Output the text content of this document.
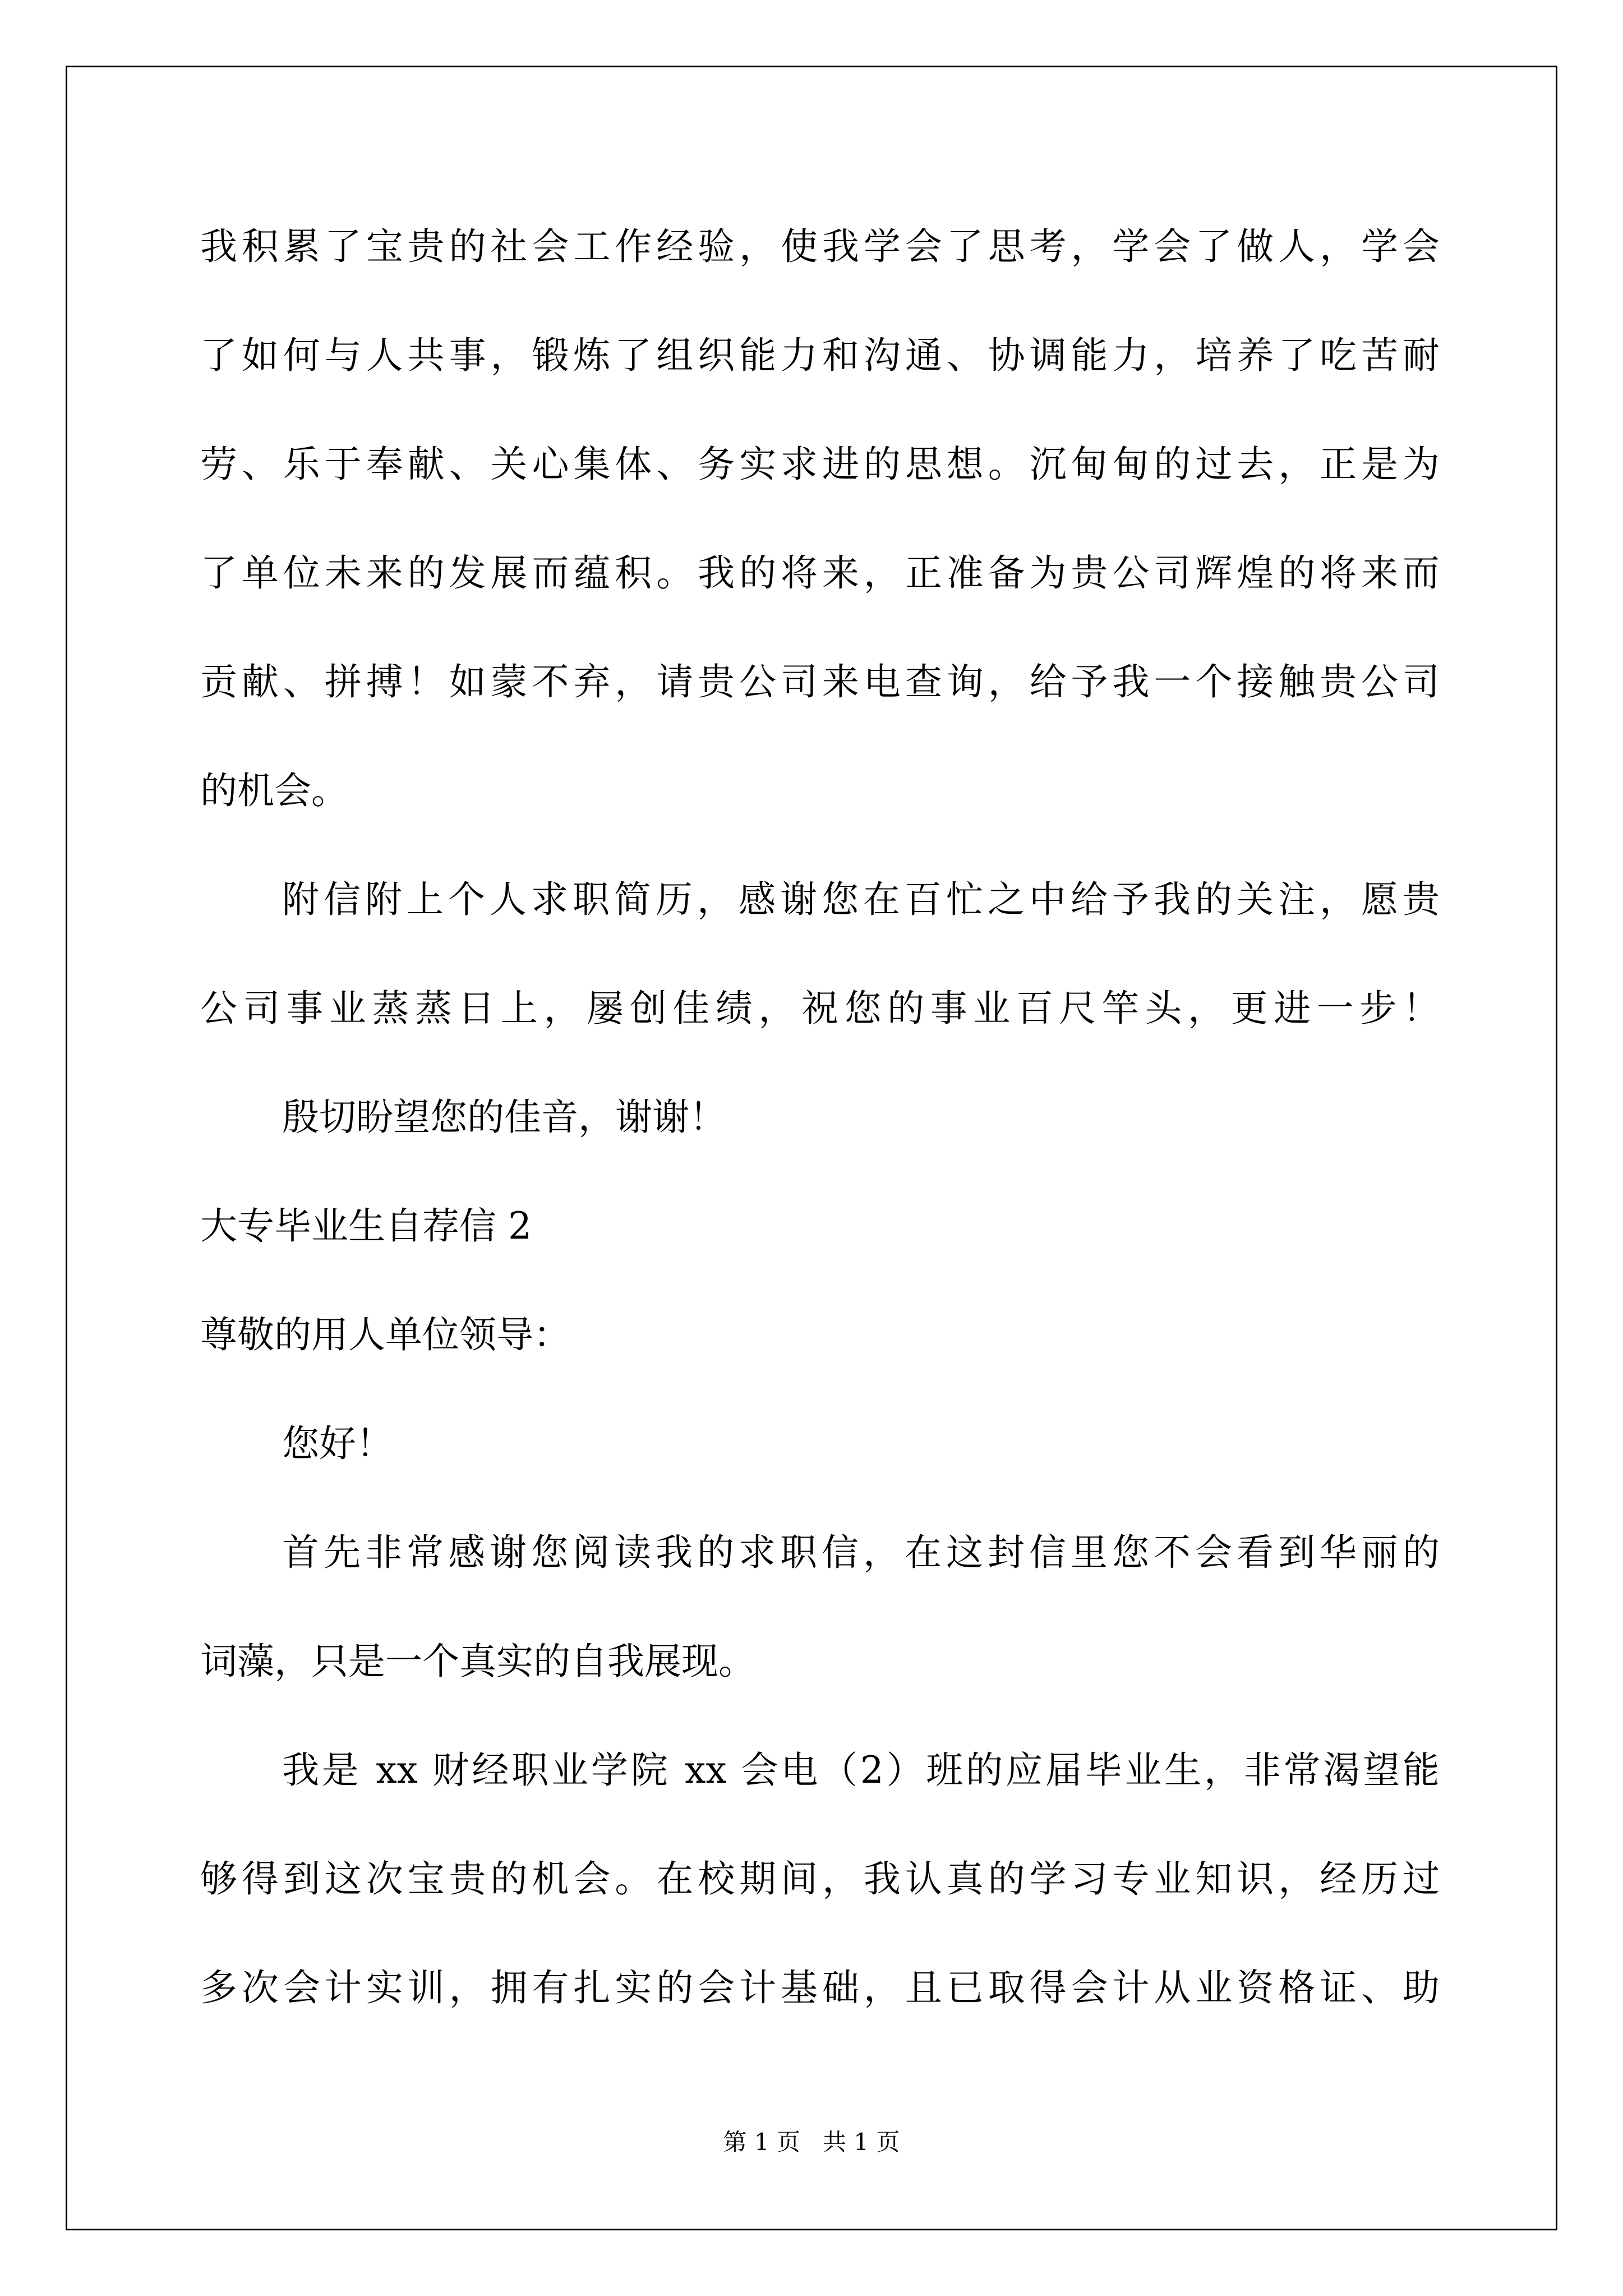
我积累了宝贵的社会工作经验，使我学会了思考，学会了做人，学会
了如何与人共事，锻炼了组织能力和沟通、协调能力，培养了吃苦耐
劳、乐于奉献、关心集体、务实求进的思想。沉甸甸的过去，正是为
了单位未来的发展而蕴积。我的将来，正准备为贵公司辉煌的将来而
贡献、拼搏！如蒙不弃，请贵公司来电查询，给予我一个接触贵公司
的机会。
附信附上个人求职简历，感谢您在百忙之中给予我的关注，愿贵
公司事业蒸蒸日上，屡创佳绩，祝您的事业百尺竿头，更进一步！
殷切盼望您的佳音，谢谢！
大专毕业生自荐信 2
尊敬的用人单位领导：
您好！
首先非常感谢您阅读我的求职信，在这封信里您不会看到华丽的
词藻，只是一个真实的自我展现。
我是 xx 财经职业学院 xx 会电（2）班的应届毕业生，非常渴望能
够得到这次宝贵的机会。在校期间，我认真的学习专业知识，经历过
多次会计实训，拥有扎实的会计基础，且已取得会计从业资格证、助
第 1 页   共 1 页
